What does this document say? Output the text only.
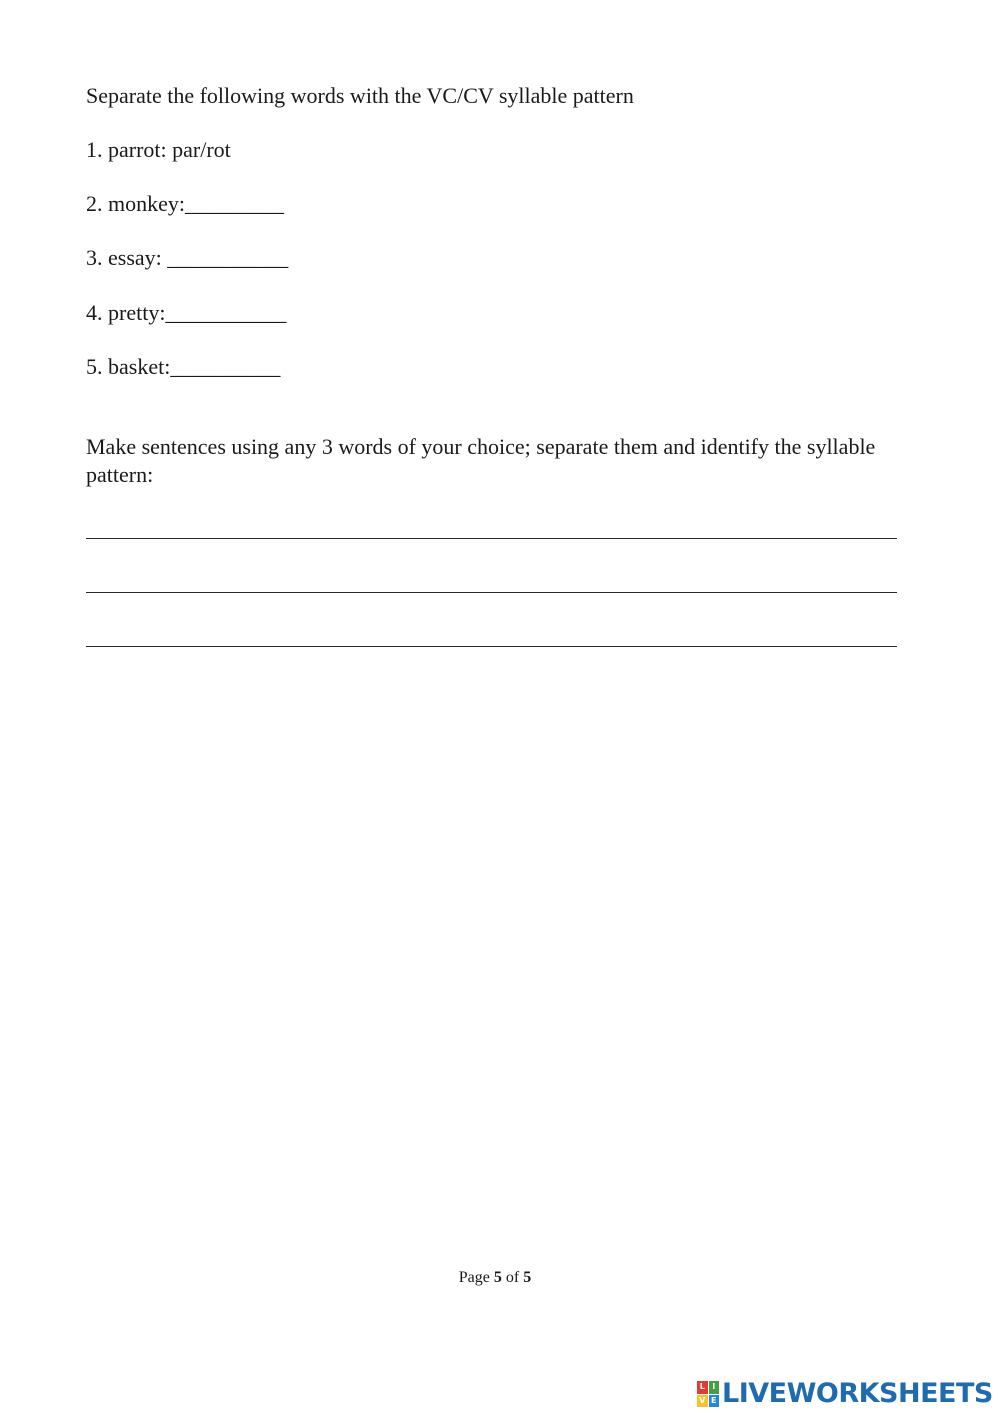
Separate the following words with the VC/CV syllable pattern
1. parrot: par/rot
2. monkey:_________
3. essay: ___________
4. pretty:___________
5. basket:__________
Make sentences using any 3 words of your choice; separate them and identify the syllable pattern:
Page 5 of 5
L I
V E LIVEWORKSHEETS
